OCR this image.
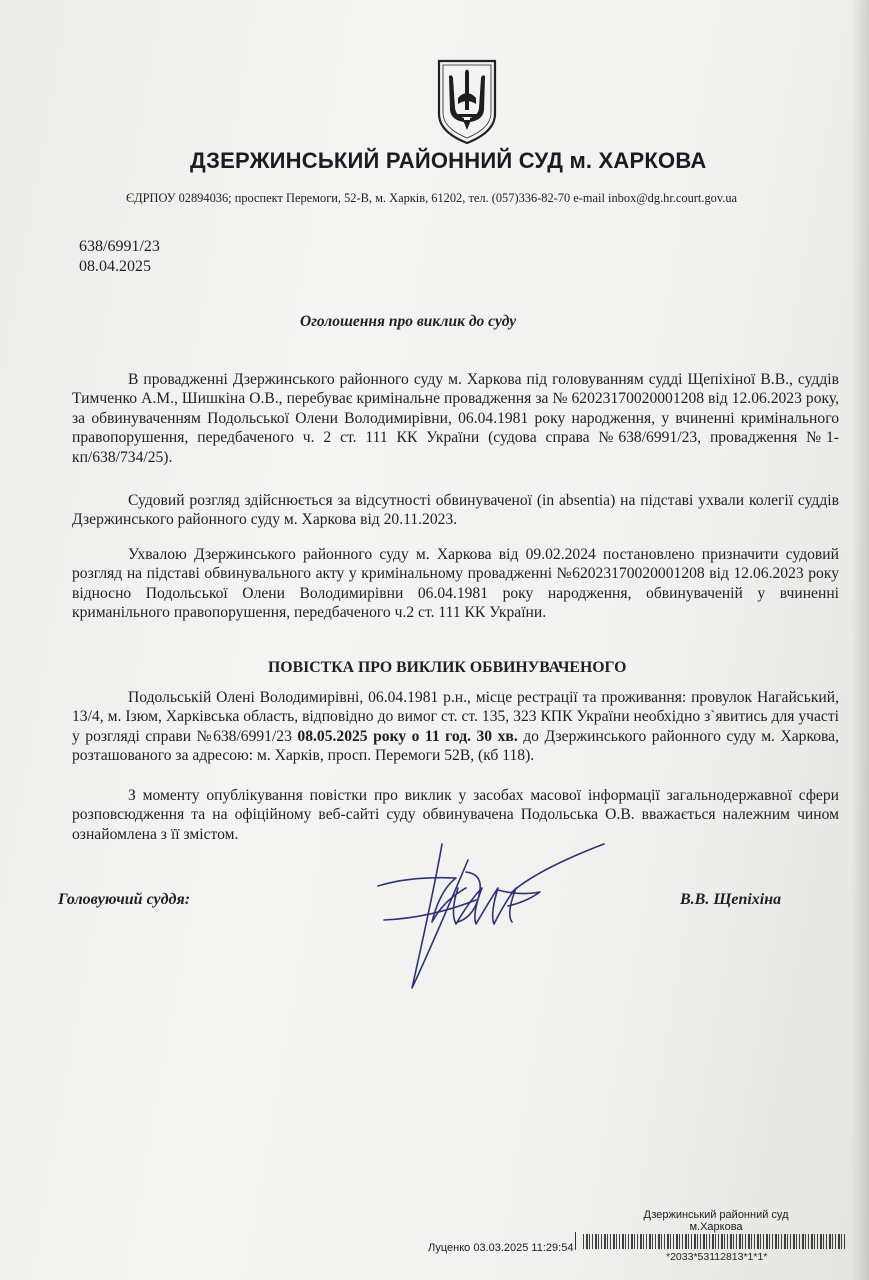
ДЗЕРЖИНСЬКИЙ РАЙОННИЙ СУД м. ХАРКОВА
ЄДРПОУ 02894036; проспект Перемоги, 52-В, м. Харків, 61202, тел. (057)336-82-70 e-mail inbox@dg.hr.court.gov.ua
638/6991/23
08.04.2025
Оголошення про виклик до суду

В провадженні Дзержинського районного суду м. Харкова під головуванням судді Щепіхіної В.В., суддів Тимченко А.М., Шишкіна О.В., перебуває кримінальне провадження за № 62023170020001208 від 12.06.2023 року, за обвинуваченням Подольської Олени Володимирівни, 06.04.1981 року народження, у вчиненні кримінального правопорушення, передбаченого ч. 2 ст. 111 КК України (судова справа №638/6991/23, провадження №1-кп/638/734/25).

Судовий розгляд здійснюється за відсутності обвинуваченої (in absentia) на підставі ухвали колегії суддів Дзержинського районного суду м. Харкова від 20.11.2023.

Ухвалою Дзержинського районного суду м. Харкова від 09.02.2024 постановлено призначити судовий розгляд на підставі обвинувального акту у кримінальному провадженні №62023170020001208 від 12.06.2023 року відносно Подольської Олени Володимирівни 06.04.1981 року народження, обвинуваченій у вчиненні криманільного правопорушення, передбаченого ч.2 ст. 111 КК України.

ПОВІСТКА ПРО ВИКЛИК ОБВИНУВАЧЕНОГО

Подольській Олені Володимирівні, 06.04.1981 р.н., місце рестрації та проживання: провулок Нагайський, 13/4, м. Ізюм, Харківська область, відповідно до вимог ст. ст. 135, 323 КПК України необхідно з`явитись для участі у розгляді справи №638/6991/23 08.05.2025 року о 11 год. 30 хв. до Дзержинського районного суду м. Харкова, розташованого за адресою: м. Харків, просп. Перемоги 52В, (кб 118).

З моменту опублікування повістки про виклик у засобах масової інформації загальнодержавної сфери розповсюдження та на офіційному веб-сайті суду обвинувачена Подольська О.В. вважається належним чином ознайомлена з її змістом.

Головуючий суддя:	В.В. Щепіхіна
Дзержинський районний суд м.Харкова
Луценко 03.03.2025 11:29:54
*2033*53112813*1*1*
